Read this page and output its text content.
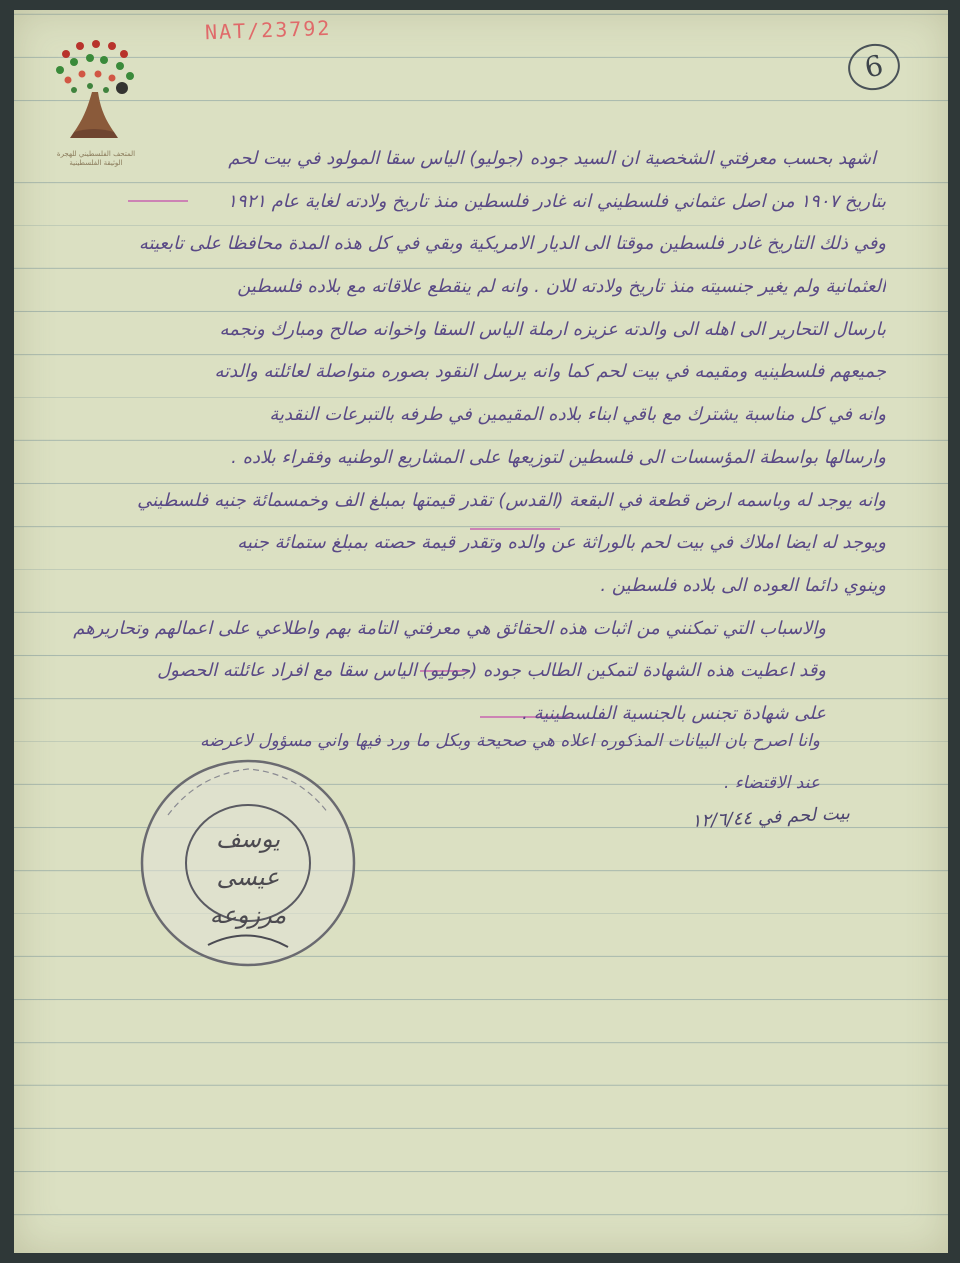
NAT/23792
6
المتحف الفلسطيني للهجرة
الوثيقة الفلسطينية	اشهد بحسب معرفتي الشخصية ان السيد جوده (جوليو) الياس سقا المولود في بيت لحم
بتاريخ ١٩٠٧ من اصل عثماني فلسطيني انه غادر فلسطين منذ تاريخ ولادته لغاية عام ١٩٢١
وفي ذلك التاريخ غادر فلسطين موقتا الى الديار الامريكية وبقي في كل هذه المدة محافظا على تابعيته
العثمانية ولم يغير جنسيته منذ تاريخ ولادته للان . وانه لم ينقطع علاقاته مع بلاده فلسطين
بارسال التحارير الى اهله الى والدته عزيزه ارملة الياس السقا واخوانه صالح ومبارك ونجمه
جميعهم فلسطينيه ومقيمه في بيت لحم كما وانه يرسل النقود بصوره متواصلة لعائلته والدته
وانه في كل مناسبة يشترك مع باقي ابناء بلاده المقيمين في طرفه بالتبرعات النقدية
وارسالها بواسطة المؤسسات الى فلسطين لتوزيعها على المشاريع الوطنيه وفقراء بلاده .
وانه يوجد له وباسمه ارض قطعة في البقعة (القدس) تقدر قيمتها بمبلغ الف وخمسمائة جنيه فلسطيني
ويوجد له ايضا املاك في بيت لحم بالوراثة عن والده وتقدر قيمة حصته بمبلغ ستمائة جنيه
وينوي دائما العوده الى بلاده فلسطين .
والاسباب التي تمكنني من اثبات هذه الحقائق هي معرفتي التامة بهم واطلاعي على اعمالهم وتحاريرهم
وقد اعطيت هذه الشهادة لتمكين الطالب جوده (جوليو) الياس سقا مع افراد عائلته الحصول
على شهادة تجنس بالجنسية الفلسطينية .
وانا اصرح بان البيانات المذكوره اعلاه هي صحيحة وبكل ما ورد فيها واني مسؤول لاعرضه
عند الاقتضاء .
بيت لحم في ١٢/٦/٤٤
يوسف
عيسى
مرزوعه
